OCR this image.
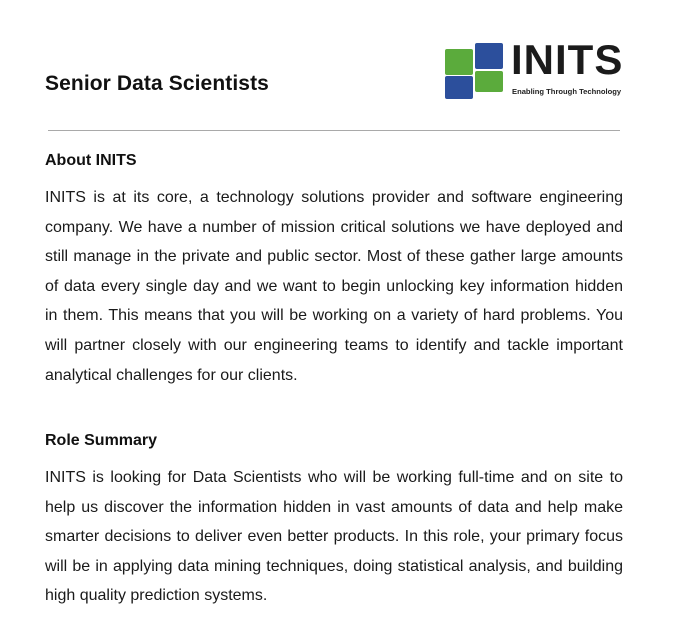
Senior Data Scientists
INITS
Enabling Through Technology
About INITS

INITS is at its core, a technology solutions provider and software engineering company. We have a number of mission critical solutions we have deployed and still manage in the private and public sector. Most of these gather large amounts of data every single day and we want to begin unlocking key information hidden in them. This means that you will be working on a variety of hard problems. You will partner closely with our engineering teams to identify and tackle important analytical challenges for our clients.

Role Summary

INITS is looking for Data Scientists who will be working full-time and on site to help us discover the information hidden in vast amounts of data and help make smarter decisions to deliver even better products. In this role, your primary focus will be in applying data mining techniques, doing statistical analysis, and building high quality prediction systems.
